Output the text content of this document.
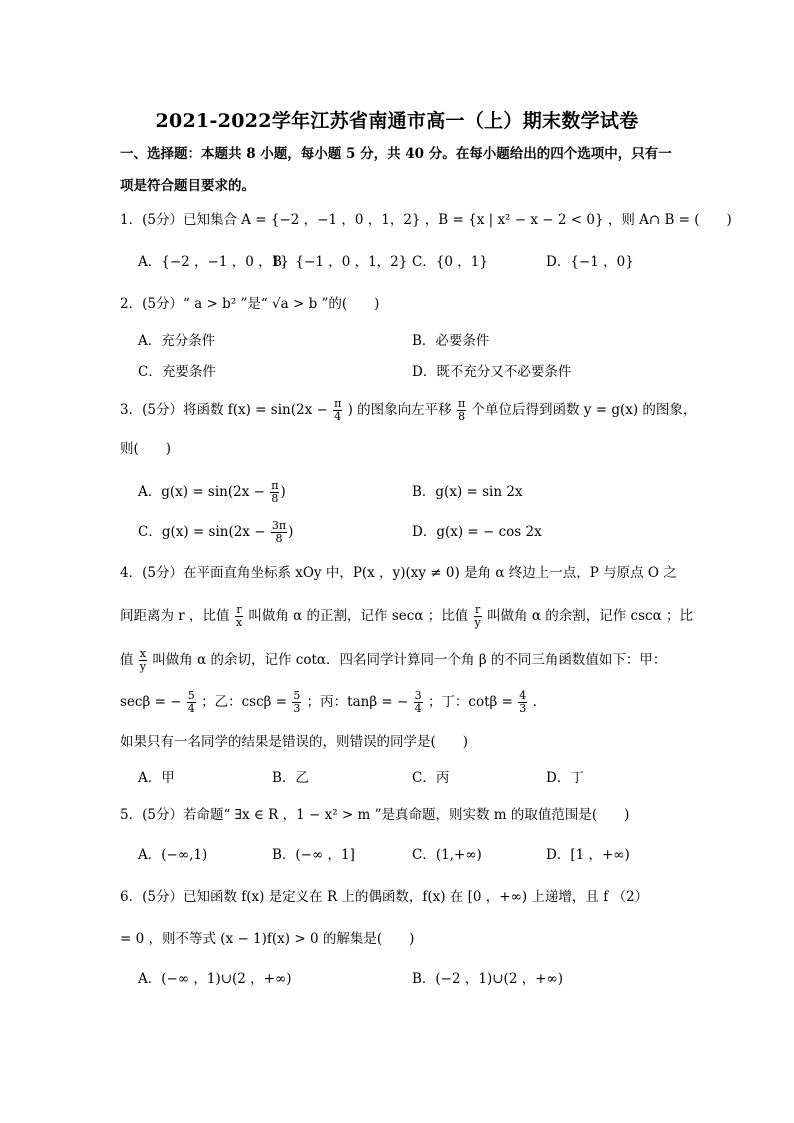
2021-2022学年江苏省南通市高一（上）期末数学试卷
一、选择题：本题共 8 小题，每小题 5 分，共 40 分。在每小题给出的四个选项中，只有一
项是符合题目要求的。
1．(5分）已知集合 A = {−2 ，−1 ，0 ，1，2} ，B = {x | x² − x − 2 < 0} ，则 A∩ B = (　　)
A．{−2 ，−1 ，0 ，1}
B．{−1 ，0 ，1，2} C．{0 ，1}	D．{−1 ，0}
2．(5分）“ a > b² ”是“ √a > b ”的(　　)
A．充分条件	B．必要条件
C．充要条件	D．既不充分又不必要条件
3．(5分）将函数 $f(x) = \sin(2x - \frac{\pi}{4}$ ) 的图象向左平移 $\frac{\pi}{8}$ 个单位后得到函数 y = g(x) 的图象，
则(　　)
A．$g(x) = \sin(2x - \frac{\pi}{8}$ )	B．g(x) = sin 2x
C．$g(x) = \sin(2x - \frac{3\pi}{8}$ )	D．g(x) = − cos 2x
4．(5分）在平面直角坐标系 xOy 中，P(x ，y)(xy ≠ 0) 是角 α 终边上一点，P 与原点 O 之
间距离为 r ，比值 $\frac{r}{x}$ 叫做角 α 的正割，记作 secα ；比值 $\frac{r}{y}$ 叫做角 α 的余割，记作 cscα ；比
值 $\frac{x}{y}$ 叫做角 α 的余切，记作 cotα．四名同学计算同一个角 β 的不同三角函数值如下：甲：
secβ = − $\frac{5}{4}$ ；乙：$\csc\beta = \frac{5}{3}$ ；丙：tanβ = − $\frac{3}{4}$ ；丁：$\cot\beta = \frac{4}{3}$ ．
如果只有一名同学的结果是错误的，则错误的同学是(　　)
A．甲	B．乙	C．丙	D．丁
5．(5分）若命题“ ∃x ∈ R ，1 − x² > m ”是真命题，则实数 m 的取值范围是(　　)
A．(−∞,1)	B．(−∞ ，1]	C．(1,+∞)	D．[1 ，+∞)
6．(5分）已知函数 f(x) 是定义在 R 上的偶函数，f(x) 在 [0 ，+∞) 上递增，且 f （2）
= 0 ，则不等式 (x − 1)f(x) > 0 的解集是(　　)
A．(−∞ ，1)∪(2 ，+∞)	B．(−2 ，1)∪(2 ，+∞)
